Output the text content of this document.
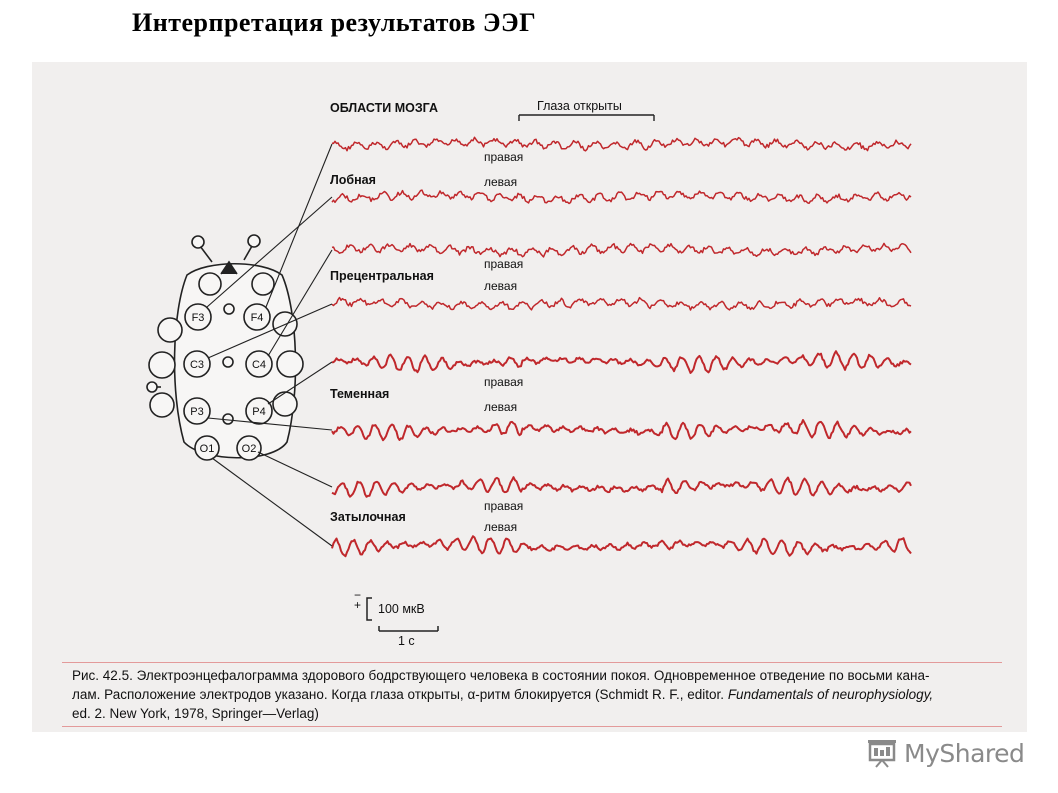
Интерпретация результатов ЭЭГ
ОБЛАСТИ МОЗГА	Глаза открыты
правая
Лобная	левая
правая
Прецентральная
левая
правая
Теменная
левая
правая
Затылочная
левая
F3	F4
C3	C4
P3	P4
O1 O2
+
−
100 мкВ
1 с
Рис. 42.5. Электроэнцефалограмма здорового бодрствующего человека в состоянии покоя. Одновременное отведение по восьми кана-
лам. Расположение электродов указано. Когда глаза открыты, α-ритм блокируется (Schmidt R. F., editor. Fundamentals of neurophysiology,
ed. 2. New York, 1978, Springer—Verlag)
MyShared
